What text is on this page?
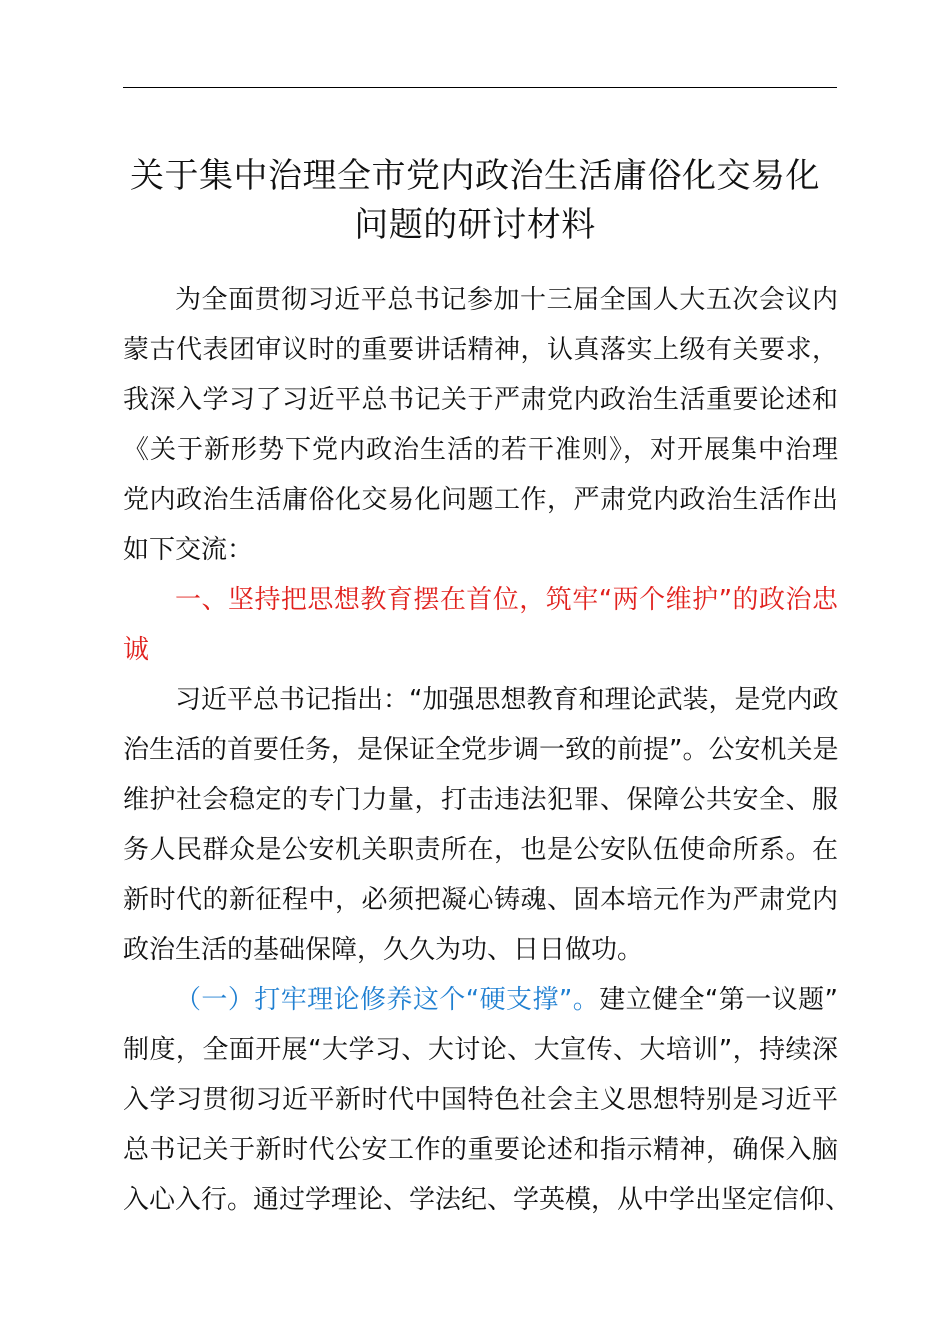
关于集中治理全市党内政治生活庸俗化交易化
问题的研讨材料
为全面贯彻习近平总书记参加十三届全国人大五次会议内
蒙古代表团审议时的重要讲话精神，认真落实上级有关要求，
我深入学习了习近平总书记关于严肃党内政治生活重要论述和
《关于新形势下党内政治生活的若干准则》，对开展集中治理
党内政治生活庸俗化交易化问题工作，严肃党内政治生活作出
如下交流：
一、坚持把思想教育摆在首位，筑牢“两个维护”的政治忠
诚
习近平总书记指出：“加强思想教育和理论武装，是党内政
治生活的首要任务，是保证全党步调一致的前提”。公安机关是
维护社会稳定的专门力量，打击违法犯罪、保障公共安全、服
务人民群众是公安机关职责所在，也是公安队伍使命所系。在
新时代的新征程中，必须把凝心铸魂、固本培元作为严肃党内
政治生活的基础保障，久久为功、日日做功。
（一）打牢理论修养这个“硬支撑”。建立健全“第一议题”
制度，全面开展“大学习、大讨论、大宣传、大培训”，持续深
入学习贯彻习近平新时代中国特色社会主义思想特别是习近平
总书记关于新时代公安工作的重要论述和指示精神，确保入脑
入心入行。通过学理论、学法纪、学英模，从中学出坚定信仰、
